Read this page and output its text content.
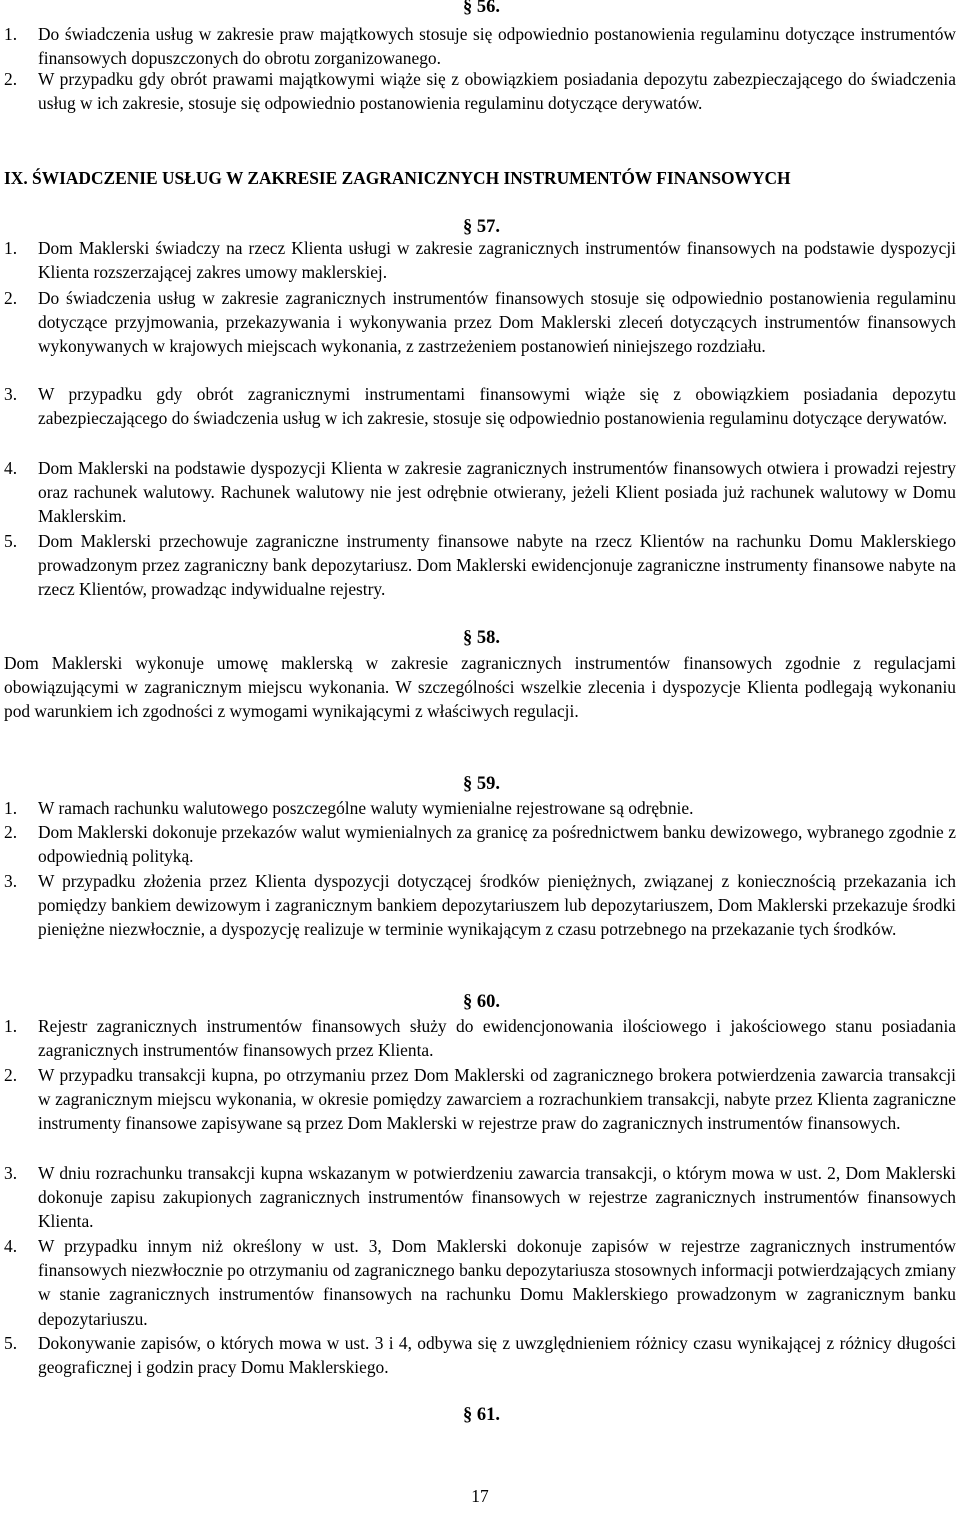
§ 56.
1.	Do świadczenia usług w zakresie praw majątkowych stosuje się odpowiednio postanowienia regulaminu dotyczące instrumentów finansowych dopuszczonych do obrotu zorganizowanego.
2.	W przypadku gdy obrót prawami majątkowymi wiąże się z obowiązkiem posiadania depozytu zabezpieczającego do świadczenia usług w ich zakresie, stosuje się odpowiednio postanowienia regulaminu dotyczące derywatów.
IX. ŚWIADCZENIE USŁUG W ZAKRESIE ZAGRANICZNYCH INSTRUMENTÓW FINANSOWYCH
§ 57.
1.	Dom Maklerski świadczy na rzecz Klienta usługi w zakresie zagranicznych instrumentów finansowych na podstawie dyspozycji Klienta rozszerzającej zakres umowy maklerskiej.
2.	Do świadczenia usług w zakresie zagranicznych instrumentów finansowych stosuje się odpowiednio postanowienia regulaminu dotyczące przyjmowania, przekazywania i wykonywania przez Dom Maklerski zleceń dotyczących instrumentów finansowych wykonywanych w krajowych miejscach wykonania, z zastrzeżeniem postanowień niniejszego rozdziału.
3.	W przypadku gdy obrót zagranicznymi instrumentami finansowymi wiąże się z obowiązkiem posiadania depozytu zabezpieczającego do świadczenia usług w ich zakresie, stosuje się odpowiednio postanowienia regulaminu dotyczące derywatów.
4.	Dom Maklerski na podstawie dyspozycji Klienta w zakresie zagranicznych instrumentów finansowych otwiera i prowadzi rejestry oraz rachunek walutowy. Rachunek walutowy nie jest odrębnie otwierany, jeżeli Klient posiada już rachunek walutowy w Domu Maklerskim.
5.	Dom Maklerski przechowuje zagraniczne instrumenty finansowe nabyte na rzecz Klientów na rachunku Domu Maklerskiego prowadzonym przez zagraniczny bank depozytariusz. Dom Maklerski ewidencjonuje zagraniczne instrumenty finansowe nabyte na rzecz Klientów, prowadząc indywidualne rejestry.
§ 58.
Dom Maklerski wykonuje umowę maklerską w zakresie zagranicznych instrumentów finansowych zgodnie z regulacjami obowiązującymi w zagranicznym miejscu wykonania. W szczególności wszelkie zlecenia i dyspozycje Klienta podlegają wykonaniu pod warunkiem ich zgodności z wymogami wynikającymi z właściwych regulacji.
§ 59.
1.	W ramach rachunku walutowego poszczególne waluty wymienialne rejestrowane są odrębnie.
2.	Dom Maklerski dokonuje przekazów walut wymienialnych za granicę za pośrednictwem banku dewizowego, wybranego zgodnie z odpowiednią polityką.
3.	W przypadku złożenia przez Klienta dyspozycji dotyczącej środków pieniężnych, związanej z koniecznością przekazania ich pomiędzy bankiem dewizowym i zagranicznym bankiem depozytariuszem lub depozytariuszem, Dom Maklerski przekazuje środki pieniężne niezwłocznie, a dyspozycję realizuje w terminie wynikającym z czasu potrzebnego na przekazanie tych środków.
§ 60.
1.	Rejestr zagranicznych instrumentów finansowych służy do ewidencjonowania ilościowego i jakościowego stanu posiadania zagranicznych instrumentów finansowych przez Klienta.
2.	W przypadku transakcji kupna, po otrzymaniu przez Dom Maklerski od zagranicznego brokera potwierdzenia zawarcia transakcji w zagranicznym miejscu wykonania, w okresie pomiędzy zawarciem a rozrachunkiem transakcji, nabyte przez Klienta zagraniczne instrumenty finansowe zapisywane są przez Dom Maklerski w rejestrze praw do zagranicznych instrumentów finansowych.
3.	W dniu rozrachunku transakcji kupna wskazanym w potwierdzeniu zawarcia transakcji, o którym mowa w ust. 2, Dom Maklerski dokonuje zapisu zakupionych zagranicznych instrumentów finansowych w rejestrze zagranicznych instrumentów finansowych Klienta.
4.	W przypadku innym niż określony w ust. 3, Dom Maklerski dokonuje zapisów w rejestrze zagranicznych instrumentów finansowych niezwłocznie po otrzymaniu od zagranicznego banku depozytariusza stosownych informacji potwierdzających zmiany w stanie zagranicznych instrumentów finansowych na rachunku Domu Maklerskiego prowadzonym w zagranicznym banku depozytariuszu.
5.	Dokonywanie zapisów, o których mowa w ust. 3 i 4, odbywa się z uwzględnieniem różnicy czasu wynikającej z różnicy długości geograficznej i godzin pracy Domu Maklerskiego.
§ 61.
17
